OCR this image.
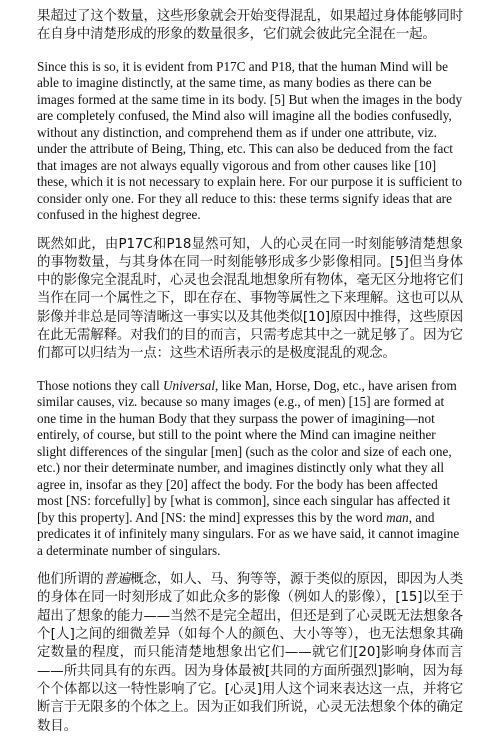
果超过了这个数量，这些形象就会开始变得混乱，如果超过身体能够同时在自身中清楚形成的形象的数量很多，它们就会彼此完全混在一起。

Since this is so, it is evident from P17C and P18, that the human Mind will be able to imagine distinctly, at the same time, as many bodies as there can be images formed at the same time in its body. [5] But when the images in the body are completely confused, the Mind also will imagine all the bodies confusedly, without any distinction, and comprehend them as if under one attribute, viz. under the attribute of Being, Thing, etc. This can also be deduced from the fact that images are not always equally vigorous and from other causes like [10] these, which it is not necessary to explain here. For our purpose it is sufficient to consider only one. For they all reduce to this: these terms signify ideas that are confused in the highest degree.

既然如此，由P17C和P18显然可知，人的心灵在同一时刻能够清楚想象的事物数量，与其身体在同一时刻能够形成多少影像相同。[5]但当身体中的影像完全混乱时，心灵也会混乱地想象所有物体，毫无区分地将它们当作在同一个属性之下，即在存在、事物等属性之下来理解。这也可以从影像并非总是同等清晰这一事实以及其他类似[10]原因中推得，这些原因在此无需解释。对我们的目的而言，只需考虑其中之一就足够了。因为它们都可以归结为一点：这些术语所表示的是极度混乱的观念。

Those notions they call Universal, like Man, Horse, Dog, etc., have arisen from similar causes, viz. because so many images (e.g., of men) [15] are formed at one time in the human Body that they surpass the power of imagining—not entirely, of course, but still to the point where the Mind can imagine neither slight differences of the singular [men] (such as the color and size of each one, etc.) nor their determinate number, and imagines distinctly only what they all agree in, insofar as they [20] affect the body. For the body has been affected most [NS: forcefully] by [what is common], since each singular has affected it [by this property]. And [NS: the mind] expresses this by the word man, and predicates it of infinitely many singulars. For as we have said, it cannot imagine a determinate number of singulars.

他们所谓的普遍概念，如人、马、狗等等，源于类似的原因，即因为人类的身体在同一时刻形成了如此众多的影像（例如人的影像），[15]以至于超出了想象的能力——当然不是完全超出，但还是到了心灵既无法想象各个[人]之间的细微差异（如每个人的颜色、大小等等），也无法想象其确定数量的程度，而只能清楚地想象出它们——就它们[20]影响身体而言——所共同具有的东西。因为身体最被[共同的方面所强烈]影响，因为每个个体都以这一特性影响了它。[心灵]用人这个词来表达这一点，并将它断言于无限多的个体之上。因为正如我们所说，心灵无法想象个体的确定数目。
